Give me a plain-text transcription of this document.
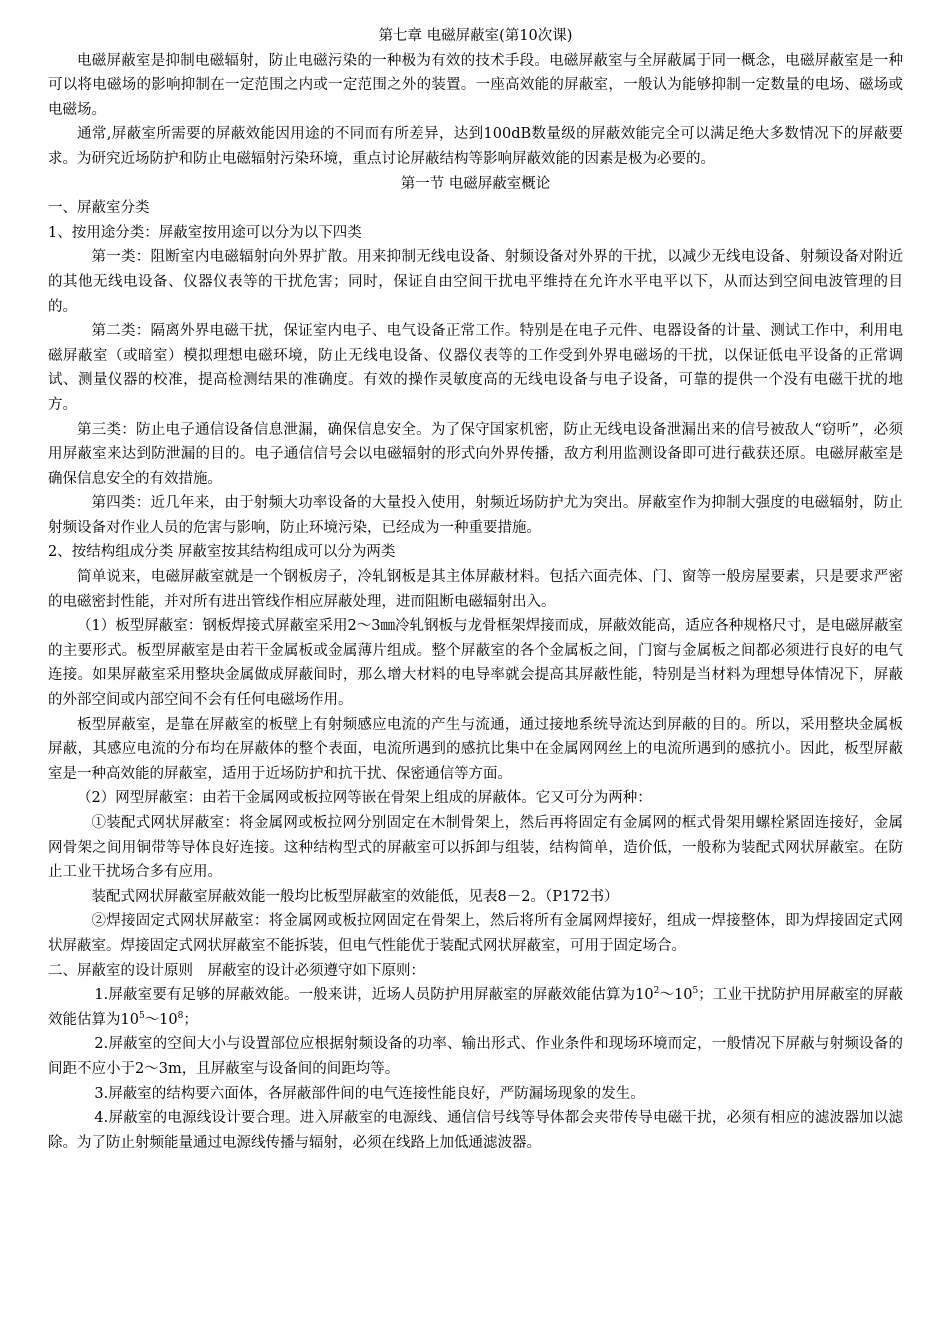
第七章 电磁屏蔽室(第10次课)

电磁屏蔽室是抑制电磁辐射，防止电磁污染的一种极为有效的技术手段。电磁屏蔽室与全屏蔽属于同一概念，电磁屏蔽室是一种可以将电磁场的影响抑制在一定范围之内或一定范围之外的装置。一座高效能的屏蔽室，一般认为能够抑制一定数量的电场、磁场或电磁场。

通常,屏蔽室所需要的屏蔽效能因用途的不同而有所差异，达到100dB数量级的屏蔽效能完全可以满足绝大多数情况下的屏蔽要求。为研究近场防护和防止电磁辐射污染环境，重点讨论屏蔽结构等影响屏蔽效能的因素是极为必要的。

第一节 电磁屏蔽室概论

一、屏蔽室分类

1、按用途分类：屏蔽室按用途可以分为以下四类

第一类：阻断室内电磁辐射向外界扩散。用来抑制无线电设备、射频设备对外界的干扰，以减少无线电设备、射频设备对附近的其他无线电设备、仪器仪表等的干扰危害；同时，保证自由空间干扰电平维持在允许水平电平以下，从而达到空间电波管理的目的。

第二类：隔离外界电磁干扰，保证室内电子、电气设备正常工作。特别是在电子元件、电器设备的计量、测试工作中，利用电磁屏蔽室（或暗室）模拟理想电磁环境，防止无线电设备、仪器仪表等的工作受到外界电磁场的干扰，以保证低电平设备的正常调试、测量仪器的校准，提高检测结果的准确度。有效的操作灵敏度高的无线电设备与电子设备，可靠的提供一个没有电磁干扰的地方。

第三类：防止电子通信设备信息泄漏，确保信息安全。为了保守国家机密，防止无线电设备泄漏出来的信号被敌人“窃听”，必须用屏蔽室来达到防泄漏的目的。电子通信信号会以电磁辐射的形式向外界传播，敌方利用监测设备即可进行截获还原。电磁屏蔽室是确保信息安全的有效措施。

第四类：近几年来，由于射频大功率设备的大量投入使用，射频近场防护尤为突出。屏蔽室作为抑制大强度的电磁辐射，防止射频设备对作业人员的危害与影响，防止环境污染，已经成为一种重要措施。

2、按结构组成分类 屏蔽室按其结构组成可以分为两类

简单说来，电磁屏蔽室就是一个钢板房子，冷轧钢板是其主体屏蔽材料。包括六面壳体、门、窗等一般房屋要素，只是要求严密的电磁密封性能，并对所有进出管线作相应屏蔽处理，进而阻断电磁辐射出入。

（1）板型屏蔽室：钢板焊接式屏蔽室采用2～3㎜冷轧钢板与龙骨框架焊接而成，屏蔽效能高，适应各种规格尺寸，是电磁屏蔽室的主要形式。板型屏蔽室是由若干金属板或金属薄片组成。整个屏蔽室的各个金属板之间，门窗与金属板之间都必须进行良好的电气连接。如果屏蔽室采用整块金属做成屏蔽间时，那么增大材料的电导率就会提高其屏蔽性能，特别是当材料为理想导体情况下，屏蔽的外部空间或内部空间不会有任何电磁场作用。

板型屏蔽室，是靠在屏蔽室的板壁上有射频感应电流的产生与流通，通过接地系统导流达到屏蔽的目的。所以，采用整块金属板屏蔽，其感应电流的分布均在屏蔽体的整个表面，电流所遇到的感抗比集中在金属网网丝上的电流所遇到的感抗小。因此，板型屏蔽室是一种高效能的屏蔽室，适用于近场防护和抗干扰、保密通信等方面。

（2）网型屏蔽室：由若干金属网或板拉网等嵌在骨架上组成的屏蔽体。它又可分为两种：

①装配式网状屏蔽室：将金属网或板拉网分别固定在木制骨架上，然后再将固定有金属网的框式骨架用螺栓紧固连接好，金属网骨架之间用铜带等导体良好连接。这种结构型式的屏蔽室可以拆卸与组装，结构简单，造价低，一般称为装配式网状屏蔽室。在防止工业干扰场合多有应用。

装配式网状屏蔽室屏蔽效能一般均比板型屏蔽室的效能低，见表8－2。（P172书）

②焊接固定式网状屏蔽室：将金属网或板拉网固定在骨架上，然后将所有金属网焊接好，组成一焊接整体，即为焊接固定式网状屏蔽室。焊接固定式网状屏蔽室不能拆装，但电气性能优于装配式网状屏蔽室，可用于固定场合。

二、屏蔽室的设计原则　屏蔽室的设计必须遵守如下原则：

1.屏蔽室要有足够的屏蔽效能。一般来讲，近场人员防护用屏蔽室的屏蔽效能估算为$10^2\sim 10^5$；工业干扰防护用屏蔽室的屏蔽效能估算为$10^5\sim 10^8$；

2.屏蔽室的空间大小与设置部位应根据射频设备的功率、输出形式、作业条件和现场环境而定，一般情况下屏蔽与射频设备的间距不应小于2～3m，且屏蔽室与设备间的间距均等。

3.屏蔽室的结构要六面体，各屏蔽部件间的电气连接性能良好，严防漏场现象的发生。

4.屏蔽室的电源线设计要合理。进入屏蔽室的电源线、通信信号线等导体都会夹带传导电磁干扰，必须有相应的滤波器加以滤除。为了防止射频能量通过电源线传播与辐射，必须在线路上加低通滤波器。
